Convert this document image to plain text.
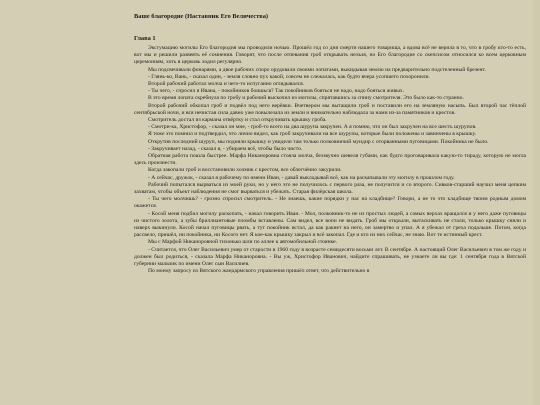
Ваше благородие (Наставник Его Величества)
Глава 1

Эксгумацию могилы Его благородия мы проводили ночью. Прошёл год со дня смерти нашего товарища, а вдова всё не верила в то, что в гробу кто-то есть, вот мы и решили развеять её сомнения. Говорят, что после отпевания гроб открывать нельзя, но Его благородие со скепсисом относился ко всем церковным церемониям, хоть в церковь ходил регулярно.

Мы подсвечивали фонарями, а двое рабочих споро орудовали своими лопатами, выкидывая землю на предварительно подстеленный брезент.

- Глянь-ко, Вань, - сказал один, - земля словно пух какой, совсем не слежалась, как будто вчера усопшего похоронили.

Второй рабочий работал молча и чего-то испуганно оглядывался.

- Ты чего, - спросил я Ивана, - покойников боишься? Так покойников бояться не надо, надо бояться живых.

В это время лопата скребнула по гробу и рабочий выскочил из могилы, спрятавшись за спину смотрителя. Это было как-то странно.

Второй рабочий обкопал гроб и подвёл под него верёвки. Вчетвером мы вытащили гроб и поставили его на земляную насыпь. Был второй час тёплой сентябрьской ночи, и вся нечистая сила давно уже повылезала из земли и внимательно наблюдала за нами из-за памятников и крестов.

Смотритель достал из кармана отвёртку и стал откручивать крышку гроба.

- Смотри-ка, Христофор, - сказал он мне, - гроб-то всего на два шурупа закручен. А я помню, что он был закручен на все шесть шурупов.

Я тоже это помнил и подтвердил, что лично видел, как гроб закручивали на все шурупы, которые были положены и завинчены в крышку.

Открутив последний шуруп, мы подняли крышку и увидели там только полковничий мундир с оторванными пуговицами. Покойника не было.

- Закручивает назад, - сказал я, - убираем всё, чтобы было чисто.

Обратная работа пошла быстрее. Марфа Никаноровна стояла молча, беззвучно шевеля губами, как будто проговаривала какую-то тираду, которую не могла здесь произнести.

Когда закопали гроб и восстановили холмик с крестом, все облегчённо закурили.

- А сейчас, дружок, - сказал я рабочему по имени Иван, - давай выкладывай всё, как на раскапывали эту могилу в прошлом году.

Рабочий попытался вырваться из моей руки, но у него это не получилось с первого раза, не получится и со второго. Сивков-старший научил меня цепким захватам, чтобы объект наблюдения не смог вырваться и убежать. Старая филёрская школа.

- Ты чего молчишь? - грозно спросил смотритель. - Не знаешь, какие порядки у нас на кладбище? Говори, а не то это кладбище твоим родным домом окажется.

- Косой меня подбил могилу раскопать, - начал говорить Иван. - Мол, полковник-то не из простых людей, а самых верхах вращался и у него даже пуговицы из чистого золота, а зубы бриллиантовые пломбы вставлены. Сам видел, все вопи не видать. Гроб мы открыли, вытаскивать не стали, только крышку сняли и наверх выкинули. Косой начал пуговицы рвать, а тут покойник встал, да как ракнет на него, он замертво и упал. А я убежал от греха подальше. Потом, когда рассвело, пришёл, ни покойника, ни Косого нет. Я кое-как крышку закрыл и всё закопал. Где и кто из них сейчас, не знаю. Вот те истинный крест.

Мы с Марфой Никаноровной тихонько шли по аллее к автомобильной стоянке.

- Считается, что Олег Васильевич умер от старости в 1960 году в возрасте семидесяти восьми лет. В сентябре. А настоящий Олег Васильевич в том же году и должен был родиться, - сказала Марфа Никаноровна. - Вы уж, Христофор Иванович, найдите спрашивать, не узнаете ли вы где: 1 сентября года в Вятской губернии мальчик по имени Олег сын Василиев.

По моему запросу из Вятского жандармского управления пришёл ответ, что действительно в
